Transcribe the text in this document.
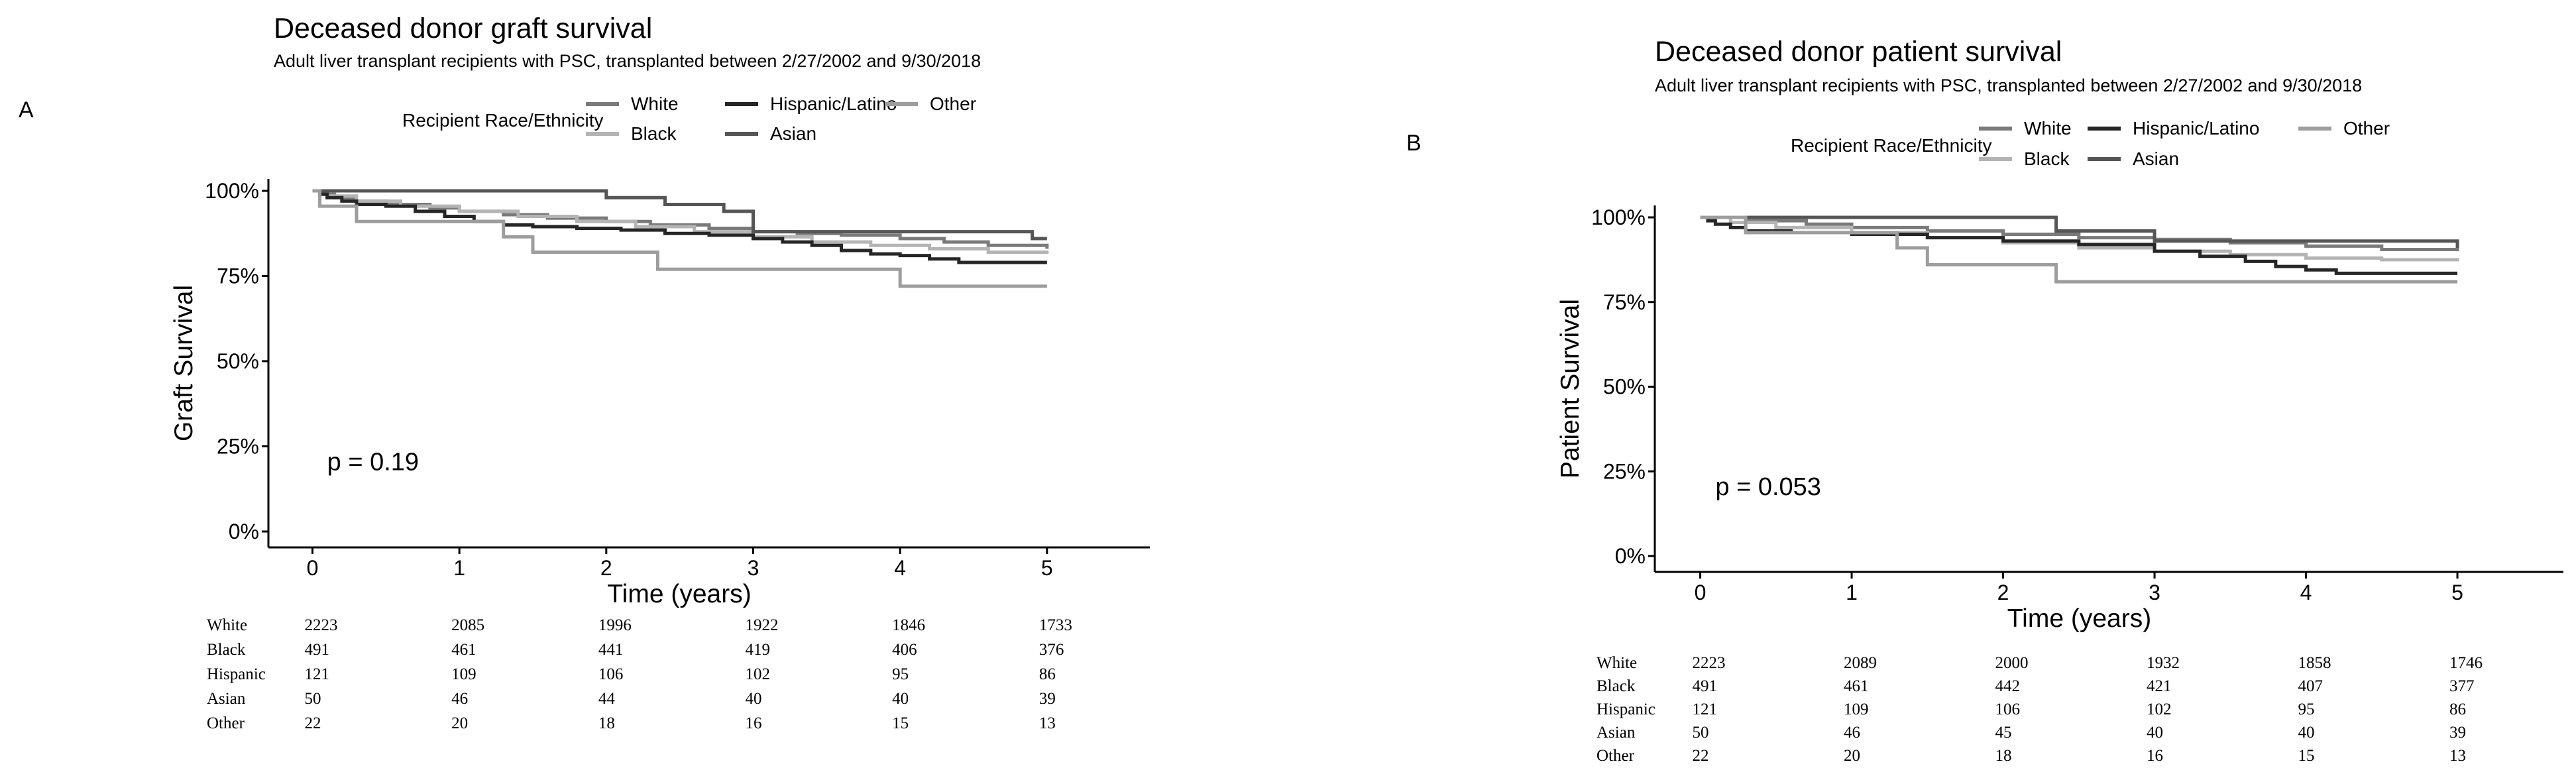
A
Deceased donor graft survival
Adult liver transplant recipients with PSC, transplanted between 2/27/2002 and 9/30/2018
Recipient Race/Ethnicity
White	Hispanic/Latino Other
Black	Asian
0%
25%
50%
75%
100%
0	1	2	3	4	5
Time (years)
Graft Survival
p = 0.19
White	2223	2085	1996	1922	1846	1733
Black	491	461	441	419	406	376
Hispanic 121	109	106	102	95	86
Asian	50	46	44	40	40	39
Other	22	20	18	16	15	13
B
Deceased donor patient survival
Adult liver transplant recipients with PSC, transplanted between 2/27/2002 and 9/30/2018
Recipient Race/Ethnicity
White	Hispanic/Latino	Other
Black	Asian
0%
25%
50%
75%
100%
0	1	2	3	4	5
Time (years)
Patient Survival
p = 0.053
White	2223	2089	2000	1932	1858	1746
Black	491	461	442	421	407	377
Hispanic 121	109	106	102	95	86
Asian	50	46	45	40	40	39
Other	22	20	18	16	15	13
